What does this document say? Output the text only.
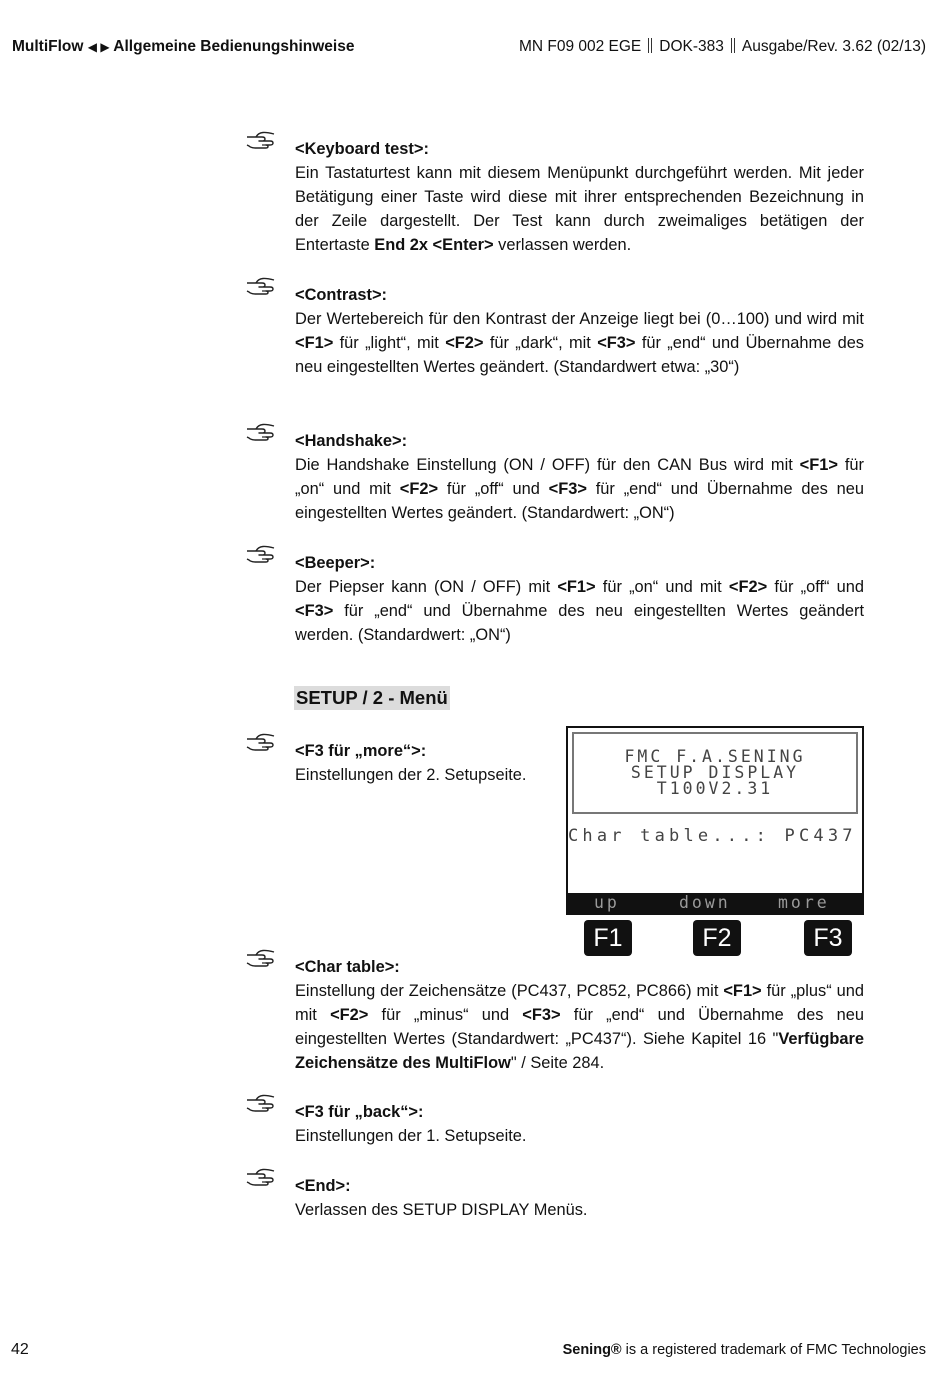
MultiFlow ◀ ▶ Allgemeine Bedienungshinweise	MN F09 002 EGE DOK-383 Ausgabe/Rev. 3.62 (02/13)

<Keyboard test>:

Ein Tastaturtest kann mit diesem Menüpunkt durchgeführt werden. Mit jeder Betätigung einer Taste wird diese mit ihrer entsprechenden Bezeichnung in der Zeile dargestellt. Der Test kann durch zweimaliges betätigen der Entertaste End 2x <Enter> verlassen werden.

<Contrast>:

Der Wertebereich für den Kontrast der Anzeige liegt bei (0…100) und wird mit <F1> für „light“, mit <F2> für „dark“, mit <F3> für „end“ und Übernahme des neu eingestellten Wertes geändert. (Standardwert etwa: „30“)

<Handshake>:

Die Handshake Einstellung (ON / OFF) für den CAN Bus wird mit <F1> für „on“ und mit <F2> für „off“ und <F3> für „end“ und Übernahme des neu eingestellten Wertes geändert. (Standardwert: „ON“)

<Beeper>:

Der Piepser kann (ON / OFF) mit <F1> für „on“ und mit <F2> für „off“ und <F3> für „end“ und Übernahme des neu eingestellten Wertes geändert werden. (Standardwert: „ON“)

SETUP / 2 - Menü

<F3 für „more“>:

Einstellungen der 2. Setupseite.

FMC F.A.SENING
SETUP DISPLAY
T100V2.31
Char table...: PC437
up	down	more
F1	F2	F3

<Char table>:

Einstellung der Zeichensätze (PC437, PC852, PC866) mit <F1> für „plus“ und mit <F2> für „minus“ und <F3> für „end“ und Übernahme des neu eingestellten Wertes (Standardwert: „PC437“). Siehe Kapitel 16 "Verfügbare Zeichensätze des MultiFlow" / Seite 284.

<F3 für „back“>:

Einstellungen der 1. Setupseite.

<End>:

Verlassen des SETUP DISPLAY Menüs.

42	Sening® is a registered trademark of FMC Technologies
